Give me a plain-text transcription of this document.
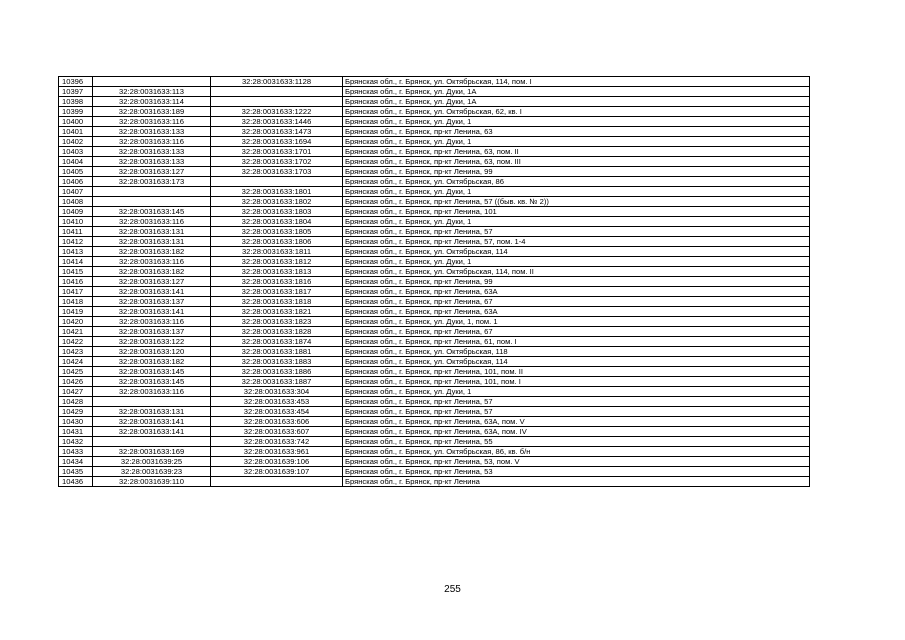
10396		32:28:0031633:1128	Брянская обл., г. Брянск, ул. Октябрьская, 114, пом. I
10397	32:28:0031633:113		Брянская обл., г. Брянск, ул. Дуки, 1А
10398	32:28:0031633:114		Брянская обл., г. Брянск, ул. Дуки, 1А
10399	32:28:0031633:189	32:28:0031633:1222	Брянская обл., г. Брянск, ул. Октябрьская, 62, кв. I
10400	32:28:0031633:116	32:28:0031633:1446	Брянская обл., г. Брянск, ул. Дуки, 1
10401	32:28:0031633:133	32:28:0031633:1473	Брянская обл., г. Брянск, пр-кт Ленина, 63
10402	32:28:0031633:116	32:28:0031633:1694	Брянская обл., г. Брянск, ул. Дуки, 1
10403	32:28:0031633:133	32:28:0031633:1701	Брянская обл., г. Брянск, пр-кт Ленина, 63, пом. II
10404	32:28:0031633:133	32:28:0031633:1702	Брянская обл., г. Брянск, пр-кт Ленина, 63, пом. III
10405	32:28:0031633:127	32:28:0031633:1703	Брянская обл., г. Брянск, пр-кт Ленина, 99
10406	32:28:0031633:173		Брянская обл., г. Брянск, ул. Октябрьская, 86
10407		32:28:0031633:1801	Брянская обл., г. Брянск, ул. Дуки, 1
10408		32:28:0031633:1802	Брянская обл., г. Брянск, пр-кт Ленина, 57 ((быв. кв. № 2))
10409	32:28:0031633:145	32:28:0031633:1803	Брянская обл., г. Брянск, пр-кт Ленина, 101
10410	32:28:0031633:116	32:28:0031633:1804	Брянская обл., г. Брянск, ул. Дуки, 1
10411	32:28:0031633:131	32:28:0031633:1805	Брянская обл., г. Брянск, пр-кт Ленина, 57
10412	32:28:0031633:131	32:28:0031633:1806	Брянская обл., г. Брянск, пр-кт Ленина, 57, пом. 1-4
10413	32:28:0031633:182	32:28:0031633:1811	Брянская обл., г. Брянск, ул. Октябрьская, 114
10414	32:28:0031633:116	32:28:0031633:1812	Брянская обл., г. Брянск, ул. Дуки, 1
10415	32:28:0031633:182	32:28:0031633:1813	Брянская обл., г. Брянск, ул. Октябрьская, 114, пом. II
10416	32:28:0031633:127	32:28:0031633:1816	Брянская обл., г. Брянск, пр-кт Ленина, 99
10417	32:28:0031633:141	32:28:0031633:1817	Брянская обл., г. Брянск, пр-кт Ленина, 63А
10418	32:28:0031633:137	32:28:0031633:1818	Брянская обл., г. Брянск, пр-кт Ленина, 67
10419	32:28:0031633:141	32:28:0031633:1821	Брянская обл., г. Брянск, пр-кт Ленина, 63А
10420	32:28:0031633:116	32:28:0031633:1823	Брянская обл., г. Брянск, ул. Дуки, 1, пом. 1
10421	32:28:0031633:137	32:28:0031633:1828	Брянская обл., г. Брянск, пр-кт Ленина, 67
10422	32:28:0031633:122	32:28:0031633:1874	Брянская обл., г. Брянск, пр-кт Ленина, 61, пом. I
10423	32:28:0031633:120	32:28:0031633:1881	Брянская обл., г. Брянск, ул. Октябрьская, 118
10424	32:28:0031633:182	32:28:0031633:1883	Брянская обл., г. Брянск, ул. Октябрьская, 114
10425	32:28:0031633:145	32:28:0031633:1886	Брянская обл., г. Брянск, пр-кт Ленина, 101, пом. II
10426	32:28:0031633:145	32:28:0031633:1887	Брянская обл., г. Брянск, пр-кт Ленина, 101, пом. I
10427	32:28:0031633:116	32:28:0031633:304	Брянская обл., г. Брянск, ул. Дуки, 1
10428		32:28:0031633:453	Брянская обл., г. Брянск, пр-кт Ленина, 57
10429	32:28:0031633:131	32:28:0031633:454	Брянская обл., г. Брянск, пр-кт Ленина, 57
10430	32:28:0031633:141	32:28:0031633:606	Брянская обл., г. Брянск, пр-кт Ленина, 63А, пом. V
10431	32:28:0031633:141	32:28:0031633:607	Брянская обл., г. Брянск, пр-кт Ленина, 63А, пом. IV
10432		32:28:0031633:742	Брянская обл., г. Брянск, пр-кт Ленина, 55
10433	32:28:0031633:169	32:28:0031633:961	Брянская обл., г. Брянск, ул. Октябрьская, 86, кв. б/н
10434	32:28:0031639:25	32:28:0031639:106	Брянская обл., г. Брянск, пр-кт Ленина, 53, пом. V
10435	32:28:0031639:23	32:28:0031639:107	Брянская обл., г. Брянск, пр-кт Ленина, 53
10436	32:28:0031639:110		Брянская обл., г. Брянск, пр-кт Ленина
255
